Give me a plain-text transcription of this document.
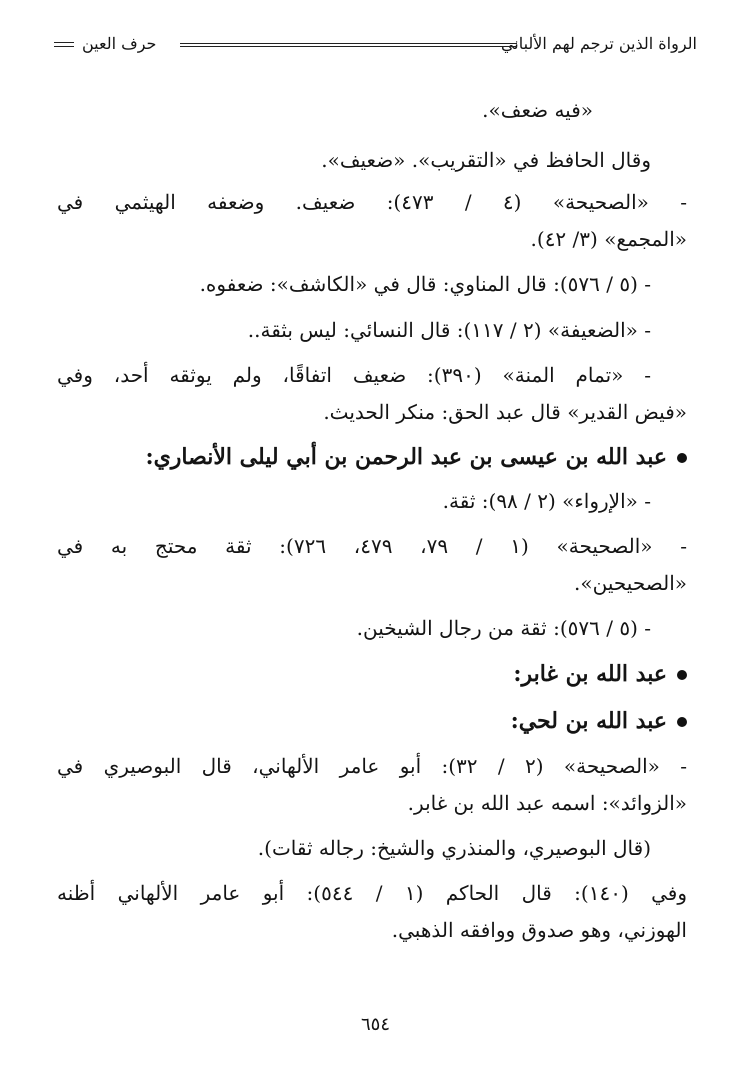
الرواة الذين ترجم لهم الألباني
حرف العين
«فيه ضعف».
وقال الحافظ في «التقريب». «ضعيف».
- «الصحيحة» (٤ / ٤٧٣): ضعيف. وضعفه الهيثمي في
«المجمع» (٣/ ٤٢).
- (٥ / ٥٧٦): قال المناوي: قال في «الكاشف»: ضعفوه.
- «الضعيفة» (٢ / ١١٧): قال النسائي: ليس بثقة..
- «تمام المنة» (٣٩٠): ضعيف اتفاقًا، ولم يوثقه أحد، وفي
«فيض القدير» قال عبد الحق: منكر الحديث.
عبد الله بن عيسى بن عبد الرحمن بن أبي ليلى الأنصاري:
- «الإرواء» (٢ / ٩٨): ثقة.
- «الصحيحة» (١ / ٧٩، ٤٧٩، ٧٢٦): ثقة محتج به في
«الصحيحين».
- (٥ / ٥٧٦): ثقة من رجال الشيخين.
عبد الله بن غابر:
عبد الله بن لحي:
- «الصحيحة» (٢ / ٣٢): أبو عامر الألهاني، قال البوصيري في
«الزوائد»: اسمه عبد الله بن غابر.
(قال البوصيري، والمنذري والشيخ: رجاله ثقات).
وفي (١٤٠): قال الحاكم (١ / ٥٤٤): أبو عامر الألهاني أظنه
الهوزني، وهو صدوق ووافقه الذهبي.
٦٥٤
